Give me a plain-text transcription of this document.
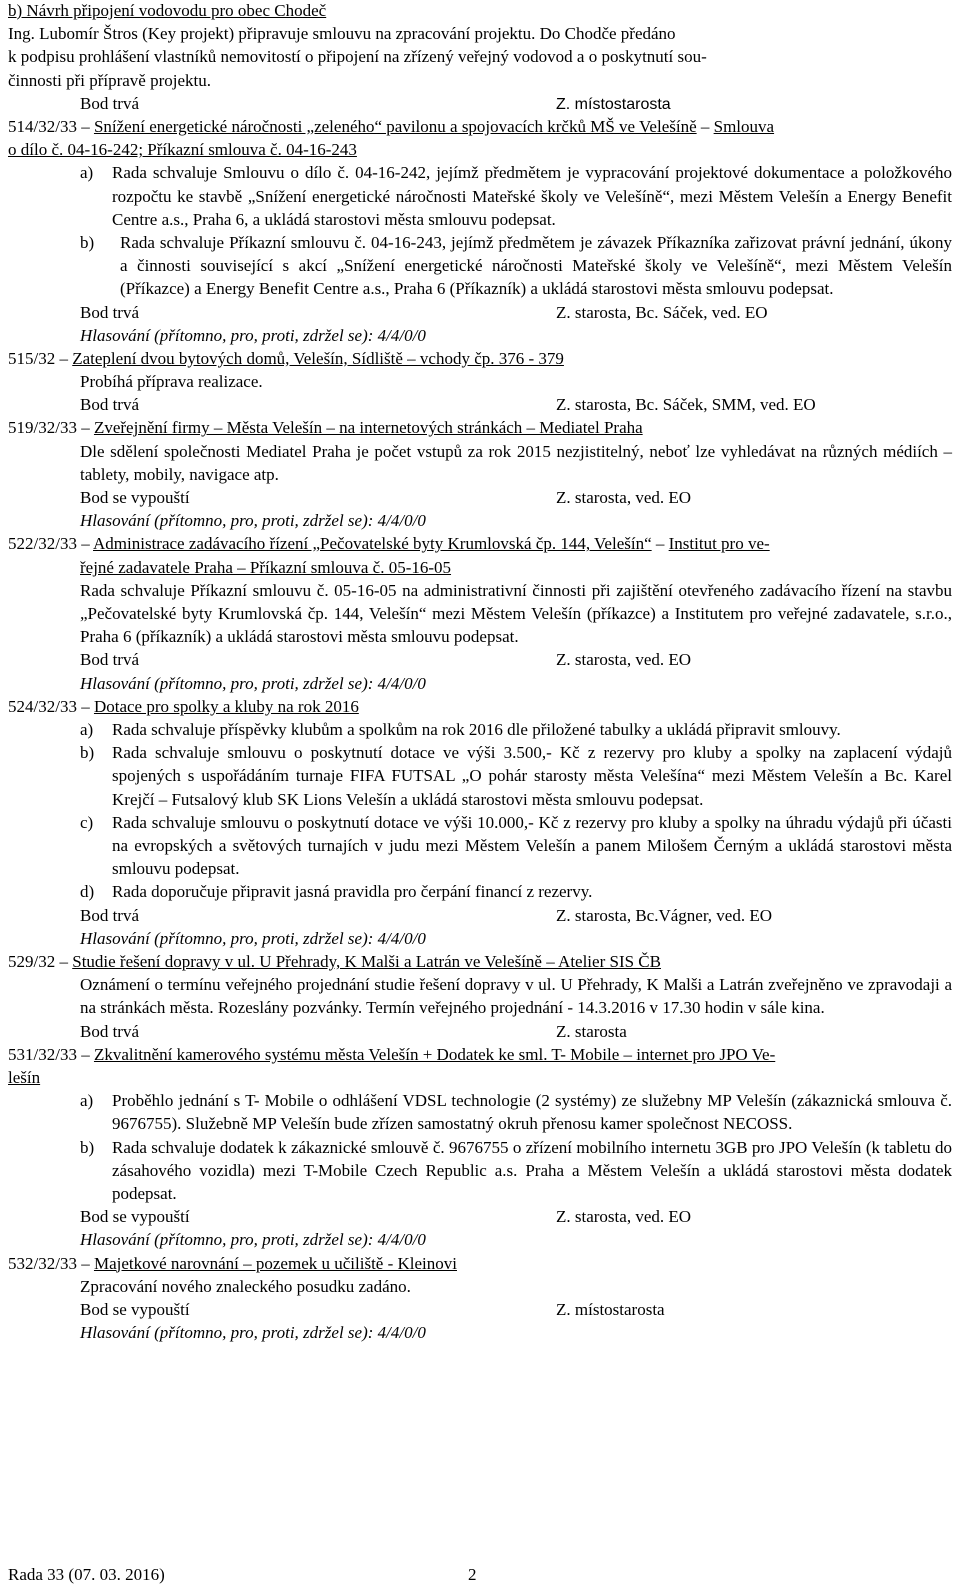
b) Návrh připojení vodovodu pro obec Chodeč
Ing. Lubomír Štros (Key projekt) připravuje smlouvu na zpracování projektu. Do Chodče předáno
k podpisu prohlášení vlastníků nemovitostí o připojení na zřízený veřejný vodovod a o poskytnutí sou-
činnosti při přípravě projektu.
Bod trvá	Z. místostarosta
514/32/33 – Snížení energetické náročnosti „zeleného“ pavilonu a spojovacích krčků MŠ ve Velešíně – Smlouva
o dílo č. 04-16-242; Příkazní smlouva č. 04-16-243
a)	Rada schvaluje Smlouvu o dílo č. 04-16-242, jejímž předmětem je vypracování projektové dokumentace a položkového rozpočtu ke stavbě „Snížení energetické náročnosti Mateřské školy ve Velešíně“, mezi Městem Velešín a Energy Benefit Centre a.s., Praha 6, a ukládá starostovi města smlouvu podepsat.
b)	Rada schvaluje Příkazní smlouvu č. 04-16-243, jejímž předmětem je závazek Příkazníka zařizovat právní jednání, úkony a činnosti související s akcí „Snížení energetické náročnosti Mateřské školy ve Velešíně“, mezi Městem Velešín (Příkazce) a Energy Benefit Centre a.s., Praha 6 (Příkazník) a ukládá starostovi města smlouvu podepsat.
Bod trvá	Z. starosta, Bc. Sáček, ved. EO
Hlasování (přítomno, pro, proti, zdržel se): 4/4/0/0
515/32 – Zateplení dvou bytových domů, Velešín, Sídliště – vchody čp. 376 - 379
Probíhá příprava realizace.
Bod trvá	Z. starosta, Bc. Sáček, SMM, ved. EO
519/32/33 – Zveřejnění firmy – Města Velešín – na internetových stránkách – Mediatel Praha
Dle sdělení společnosti Mediatel Praha je počet vstupů za rok 2015 nezjistitelný, neboť lze vyhledávat na různých médiích – tablety, mobily, navigace atp.
Bod se vypouští	Z. starosta, ved. EO
Hlasování (přítomno, pro, proti, zdržel se): 4/4/0/0
522/32/33 – Administrace zadávacího řízení „Pečovatelské byty Krumlovská čp. 144, Velešín“ – Institut pro ve-
řejné zadavatele Praha – Příkazní smlouva č. 05-16-05
Rada schvaluje Příkazní smlouvu č. 05-16-05 na administrativní činnosti při zajištění otevřeného zadávacího řízení na stavbu „Pečovatelské byty Krumlovská čp. 144, Velešín“ mezi Městem Velešín (příkazce) a Institutem pro veřejné zadavatele, s.r.o., Praha 6 (příkazník) a ukládá starostovi města smlouvu podepsat.
Bod trvá	Z. starosta, ved. EO
Hlasování (přítomno, pro, proti, zdržel se): 4/4/0/0
524/32/33 – Dotace pro spolky a kluby na rok 2016
a)	Rada schvaluje příspěvky klubům a spolkům na rok 2016 dle přiložené tabulky a ukládá připravit smlouvy.
b)	Rada schvaluje smlouvu o poskytnutí dotace ve výši 3.500,- Kč z rezervy pro kluby a spolky na zaplacení výdajů spojených s uspořádáním turnaje FIFA FUTSAL „O pohár starosty města Velešína“ mezi Městem Velešín a Bc. Karel Krejčí – Futsalový klub SK Lions Velešín a ukládá starostovi města smlouvu podepsat.
c)	Rada schvaluje smlouvu o poskytnutí dotace ve výši 10.000,- Kč z rezervy pro kluby a spolky na úhradu výdajů při účasti na evropských a světových turnajích v judu mezi Městem Velešín a panem Milošem Černým a ukládá starostovi města smlouvu podepsat.
d)	Rada doporučuje připravit jasná pravidla pro čerpání financí z rezervy.
Bod trvá	Z. starosta, Bc.Vágner, ved. EO
Hlasování (přítomno, pro, proti, zdržel se): 4/4/0/0
529/32 – Studie řešení dopravy v ul. U Přehrady, K Malši a Latrán ve Velešíně – Atelier SIS ČB
Oznámení o termínu veřejného projednání studie řešení dopravy v ul. U Přehrady, K Malši a Latrán zveřejněno ve zpravodaji a na stránkách města. Rozeslány pozvánky. Termín veřejného projednání - 14.3.2016 v 17.30 hodin v sále kina.
Bod trvá	Z. starosta
531/32/33 – Zkvalitnění kamerového systému města Velešín + Dodatek ke sml. T- Mobile – internet pro JPO Ve-
lešín
a)	Proběhlo jednání s T- Mobile o odhlášení VDSL technologie (2 systémy) ze služebny MP Velešín (zákaznická smlouva č. 9676755). Služebně MP Velešín bude zřízen samostatný okruh přenosu kamer společnost NECOSS.
b)	Rada schvaluje dodatek k zákaznické smlouvě č. 9676755 o zřízení mobilního internetu 3GB pro JPO Velešín (k tabletu do zásahového vozidla) mezi T-Mobile Czech Republic a.s. Praha a Městem Velešín a ukládá starostovi města dodatek podepsat.
Bod se vypouští	Z. starosta, ved. EO
Hlasování (přítomno, pro, proti, zdržel se): 4/4/0/0
532/32/33 – Majetkové narovnání – pozemek u učiliště - Kleinovi
Zpracování nového znaleckého posudku zadáno.
Bod se vypouští	Z. místostarosta
Hlasování (přítomno, pro, proti, zdržel se): 4/4/0/0
Rada 33 (07. 03. 2016)	2
